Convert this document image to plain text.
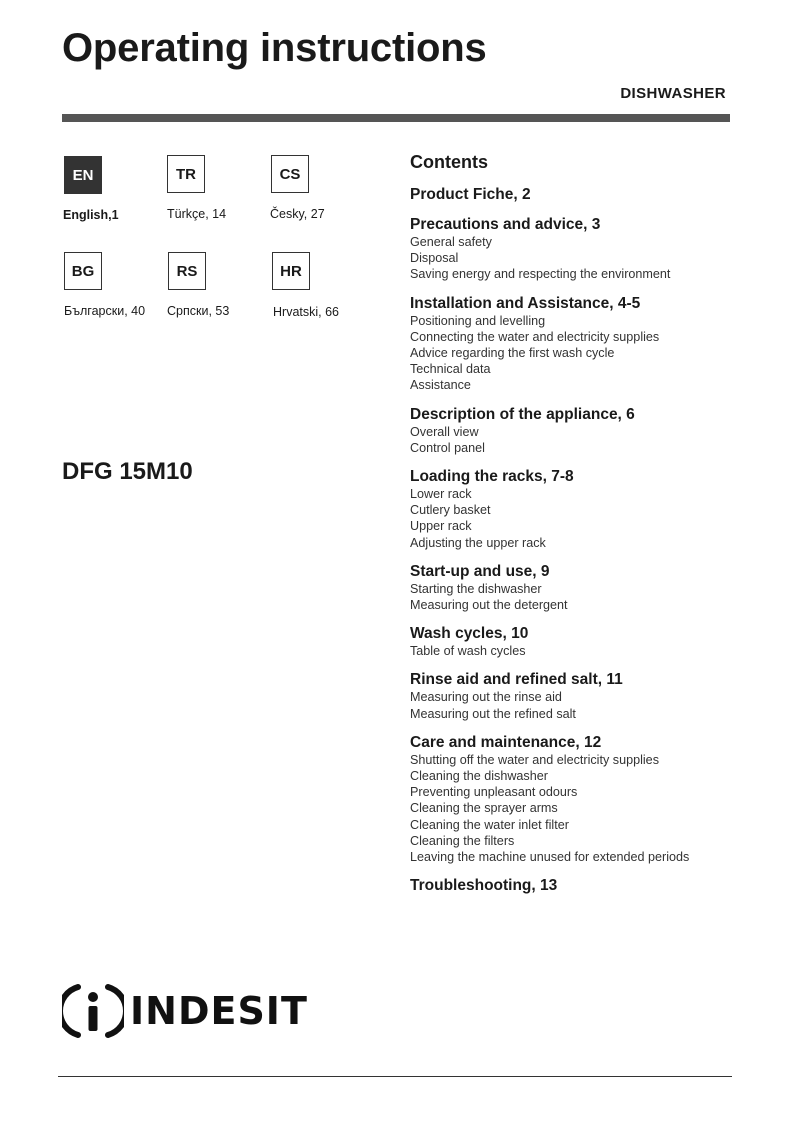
Operating instructions
DISHWASHER
EN
English,1
TR
Türkçe, 14
CS
Česky, 27
BG
Български, 40
RS
Српски, 53
HR
Hrvatski, 66
DFG 15M10
Contents
Product Fiche, 2
Precautions and advice, 3
General safety
Disposal
Saving energy and respecting the environment
Installation and Assistance, 4-5
Positioning and levelling
Connecting the water and electricity supplies
Advice regarding the first wash cycle
Technical data
Assistance
Description of the appliance, 6
Overall view
Control panel
Loading the racks, 7-8
Lower rack
Cutlery basket
Upper rack
Adjusting the upper rack
Start-up and use, 9
Starting the dishwasher
Measuring out the detergent
Wash cycles, 10
Table of wash cycles
Rinse aid and refined salt, 11
Measuring out the rinse aid
Measuring out the refined salt
Care and maintenance, 12
Shutting off the water and electricity supplies
Cleaning the dishwasher
Preventing unpleasant odours
Cleaning the sprayer arms
Cleaning the water inlet filter
Cleaning the filters
Leaving the machine unused for extended periods
Troubleshooting, 13
INDESIT
